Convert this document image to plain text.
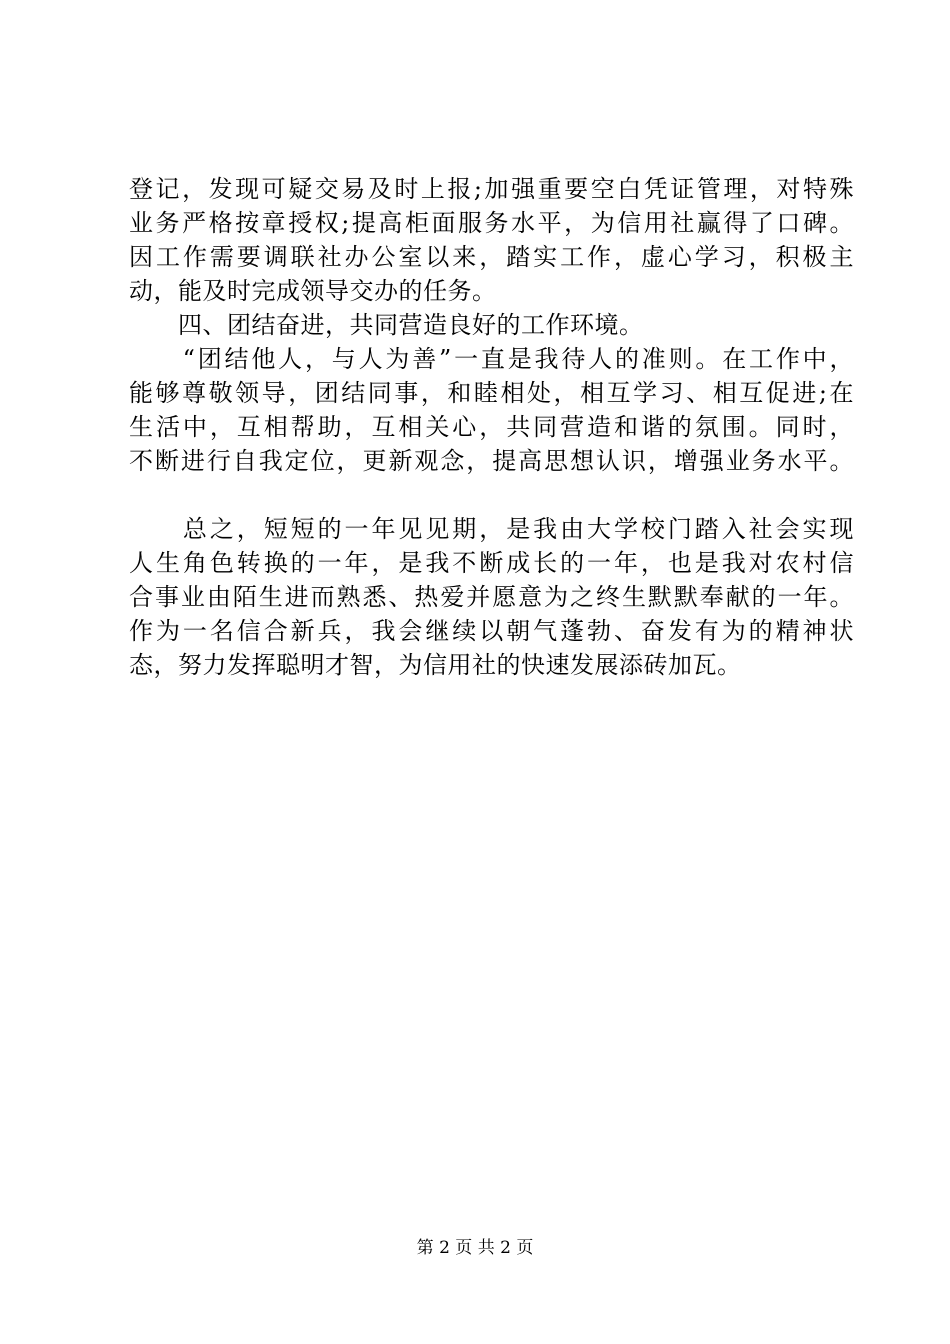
登记，发现可疑交易及时上报;加强重要空白凭证管理，对特殊
业务严格按章授权;提高柜面服务水平，为信用社赢得了口碑。
因工作需要调联社办公室以来，踏实工作，虚心学习，积极主
动，能及时完成领导交办的任务。
　　四、团结奋进，共同营造良好的工作环境。
　　“团结他人，与人为善”一直是我待人的准则。在工作中，
能够尊敬领导，团结同事，和睦相处，相互学习、相互促进;在
生活中，互相帮助，互相关心，共同营造和谐的氛围。同时，
不断进行自我定位，更新观念，提高思想认识，增强业务水平。
　　总之，短短的一年见见期，是我由大学校门踏入社会实现
人生角色转换的一年，是我不断成长的一年，也是我对农村信
合事业由陌生进而熟悉、热爱并愿意为之终生默默奉献的一年。
作为一名信合新兵，我会继续以朝气蓬勃、奋发有为的精神状
态，努力发挥聪明才智，为信用社的快速发展添砖加瓦。
第 2 页 共 2 页
